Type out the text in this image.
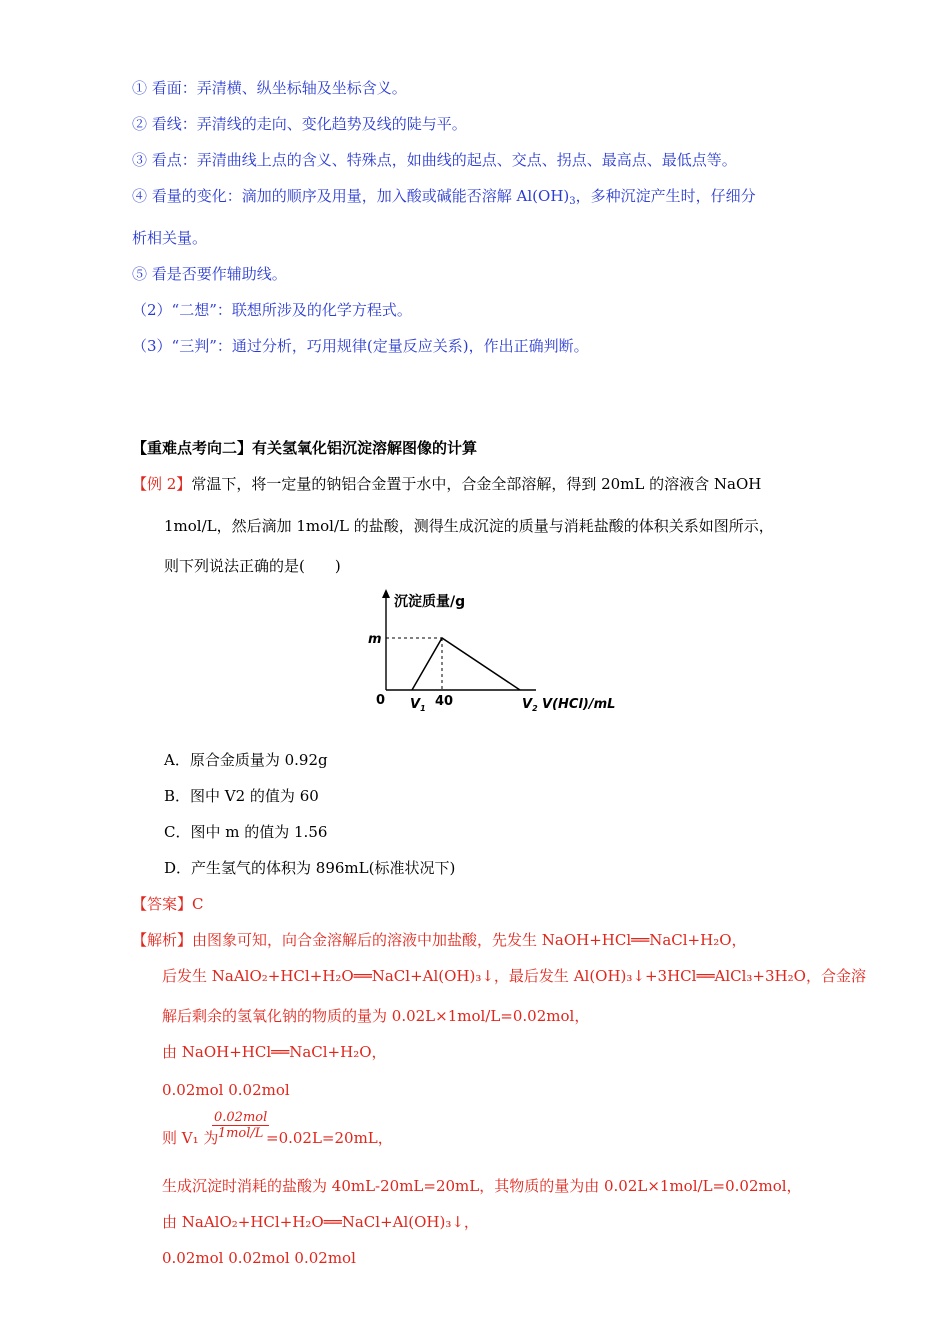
① 看面：弄清横、纵坐标轴及坐标含义。
② 看线：弄清线的走向、变化趋势及线的陡与平。
③ 看点：弄清曲线上点的含义、特殊点，如曲线的起点、交点、拐点、最高点、最低点等。
④ 看量的变化：滴加的顺序及用量，加入酸或碱能否溶解 $Al(OH)_3$，多种沉淀产生时，仔细分
析相关量。
⑤ 看是否要作辅助线。
（2）“二想”：联想所涉及的化学方程式。
（3）“三判”：通过分析，巧用规律(定量反应关系)，作出正确判断。
【重难点考向二】有关氢氧化铝沉淀溶解图像的计算
【例 2】常温下，将一定量的钠铝合金置于水中，合金全部溶解，得到 20mL 的溶液含 NaOH
1mol/L，然后滴加 1mol/L 的盐酸，测得生成沉淀的质量与消耗盐酸的体积关系如图所示，
则下列说法正确的是(　　)
沉淀质量/g
m
0 $V_1$ 40	$V_2$ V(HCl)/mL
A．原合金质量为 0.92g
B．图中 V2 的值为 60
C．图中 m 的值为 1.56
D．产生氢气的体积为 896mL(标准状况下)
【答案】C
【解析】由图象可知，向合金溶解后的溶液中加盐酸，先发生 NaOH+HCl══NaCl+H₂O，
后发生 NaAlO₂+HCl+H₂O══NaCl+Al(OH)₃↓，最后发生 Al(OH)₃↓+3HCl══AlCl₃+3H₂O，合金溶
解后剩余的氢氧化钠的物质的量为 0.02L×1mol/L=0.02mol，
由 NaOH+HCl══NaCl+H₂O，
0.02mol 0.02mol
0.02mol
1mol/L
则 V₁ 为	=0.02L=20mL，
生成沉淀时消耗的盐酸为 40mL-20mL=20mL，其物质的量为由 0.02L×1mol/L=0.02mol，
由 NaAlO₂+HCl+H₂O══NaCl+Al(OH)₃↓，
0.02mol 0.02mol 0.02mol
